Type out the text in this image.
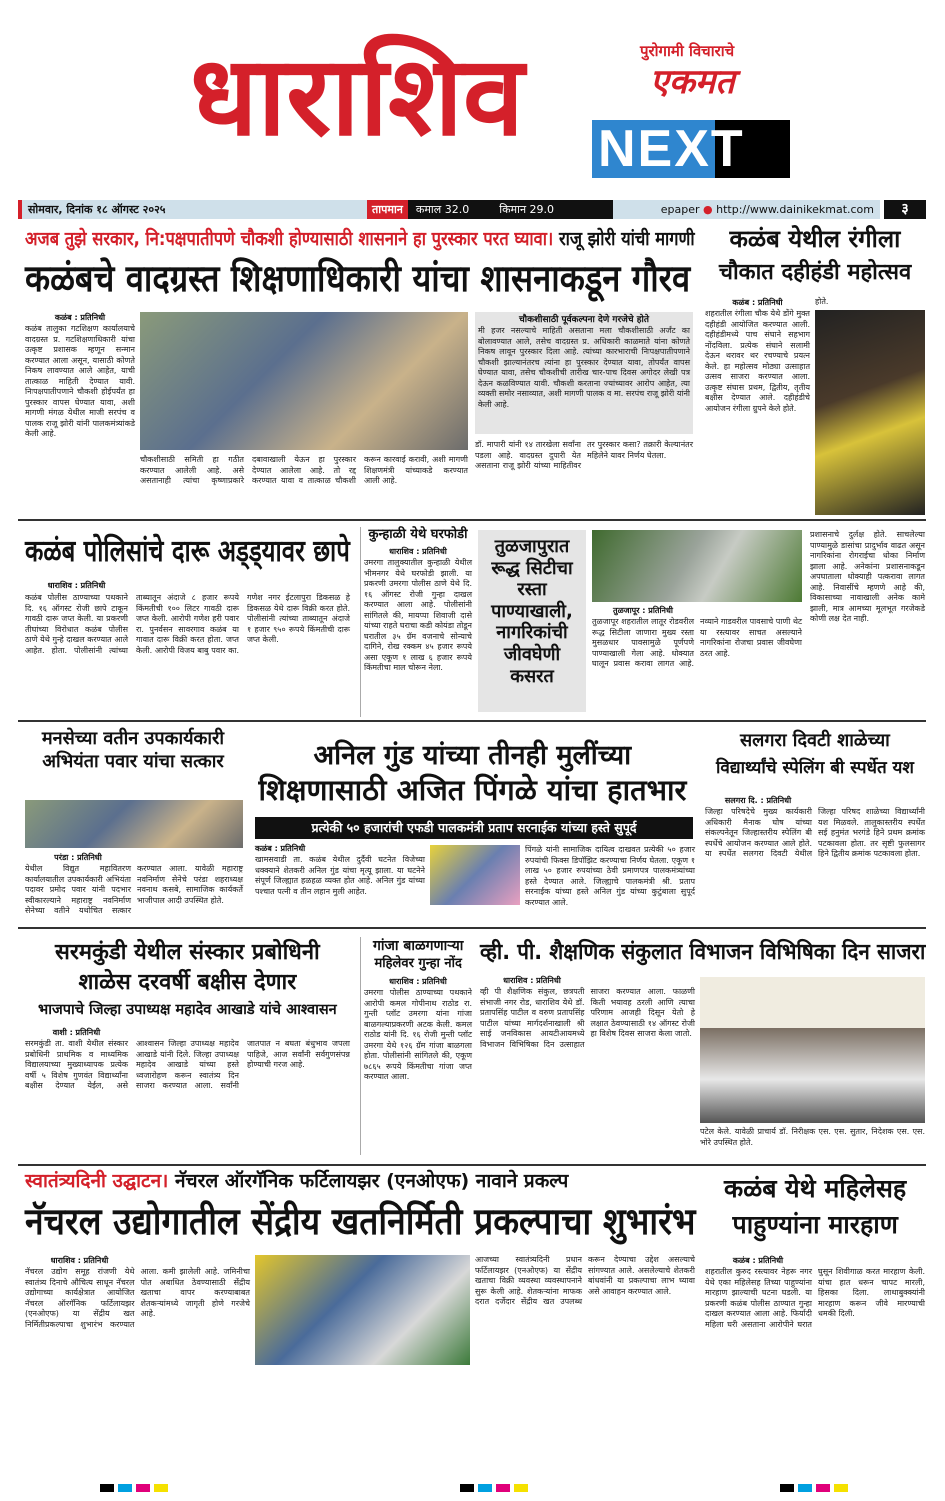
धाराशिव	पुरोगामी विचाराचे
एकमत
NEXT
सोमवार, दिनांक १८ ऑगस्ट २०२५	तापमान	कमाल 32.0	किमान 29.0	epaper ● http://www.dainikekmat.com	३
अजब तुझे सरकार, नि:पक्षपातीपणे चौकशी होण्यासाठी शासनाने हा पुरस्कार परत घ्यावा। राजू झोरी यांची मागणी
कळंबचे वादग्रस्त शिक्षणाधिकारी यांचा शासनाकडून गौरव
कळंब : प्रतिनिधी
कळंब तालुका गटशिक्षण कार्यालयाचे वादग्रस्त प्र. गटशिक्षणाधिकारी यांचा उत्कृष्ट प्रशासक म्हणून सन्मान करण्यात आला असून, यासाठी कोणते निकष लावण्यात आले आहेत, याची तात्काळ माहिती देण्यात यावी. निःपक्षपातीपणाने चौकशी होईपर्यंत हा पुरस्कार वापस घेण्यात यावा, अशी मागणी मंगळ येथील माजी सरपंच व पालक राजू झोरी यांनी पालकमंत्र्यांकडे केली आहे.
चौकशीसाठी समिती हा गठीत करण्यात आलेली आहे. असे असतानाही त्यांचा कृष्णाप्रकारे दबावाखाली येऊन हा पुरस्कार देण्यात आलेला आहे. तो रद्द करण्यात यावा व तात्काळ चौकशी करून कारवाई करावी, अशी मागणी शिक्षणमंत्री यांच्याकडे करण्यात आली आहे.
चौकशीसाठी पूर्वकल्पना देणे गरजेचे होते
मी हजर नसल्याचे माहिती असताना मला चौकशीसाठी अर्जंट का बोलावण्यात आले, तसेच वादग्रस्त प्र. अधिकारी काळमाते यांना कोणते निकष लावून पुरस्कार दिला आहे. त्यांच्या कारभाराची निःपक्षपातीपणाने चौकशी झाल्यानंतरच त्यांना हा पुरस्कार देण्यात यावा, तोपर्यंत वापस घेण्यात यावा, तसेच चौकशीची तारीख चार-पाच दिवस अगोदर लेखी पत्र देऊन कळविण्यात यावी. चौकशी करताना ज्यांच्यावर आरोप आहेत, त्या व्यक्ती समोर नसाव्यात, अशी मागणी पालक व मा. सरपंच राजू झोरी यांनी केली आहे.
डॉ. मापारी यांनी १४ तारखेला सर्वांना पडला आहे. वादग्रस्त दुपारी येत असताना राजू झोरी यांच्या माहितीवर तर पुरस्कार कसा? तक्रारी केल्यानंतर महिलेने यावर निर्णय घेतला.
कळंब येथील रंगीला
चौकात दहीहंडी महोत्सव
कळंब : प्रतिनिधी
शहरातील रंगीला चौक येथे डोंगे मुक्त दहीहंडी आयोजित करण्यात आली. दहीहंडीमध्ये पाच संघाने सहभाग नोंदविला. प्रत्येक संघाने सलामी देऊन थरावर थर रचण्याचे प्रयत्न केले. हा महोत्सव मोठ्या उत्साहात उत्सव साजरा करण्यात आला. उत्कृष्ट संघास प्रथम, द्वितीय, तृतीय बक्षीस देण्यात आले. दहीहंडीचे आयोजन रंगीला ग्रुपने केले होते.
होते.
कळंब पोलिसांचे दारू अड्ड्यावर छापे
धाराशिव : प्रतिनिधी
कळंब पोलीस ठाण्याच्या पथकाने दि. १६ ऑगस्ट रोजी छापे टाकून गावठी दारू जप्त केली. या प्रकरणी तीघांच्या विरोधात कळंब पोलीस ठाणे येथे गुन्हे दाखल करण्यात आले आहेत. होता. पोलीसांनी त्यांच्या ताब्यातून अंदाजे ८ हजार रूपये किंमतीची १०० लिटर गावठी दारू जप्त केली. आरोपी गणेश हरी पवार रा. पुनर्वसन सावरगाव कळंब या गावात दारू विक्री करत होता. जप्त केली. आरोपी विजय बाबु पवार का. गणेश नगर ईटलापुरा डिकसळ हे डिकसळ येथे दारू विक्री करत होते. पोलीसांनी त्यांच्या ताब्यातून अंदाजे १ हजार ९५० रूपये किंमतीची दारू जप्त केली.
कुन्हाळी येथे घरफोडी
धाराशिव : प्रतिनिधी
उमरगा तालुक्यातील कुन्हाळी येथील भीमनगर येथे घरफोडी झाली. या प्रकरणी उमरगा पोलीस ठाणे येथे दि. १६ ऑगस्ट रोजी गुन्हा दाखल करण्यात आला आहे. पोलीसांनी सांगितले की, मायप्पा शिवाजी दासे यांच्या राहते घराचा कडी कोयंडा तोडून घरातील ३५ ग्रॅम वजनाचे सोन्याचे दागिने, रोख रक्कम ४५ हजार रूपये असा एकूण १ लाख ६ हजार रूपये किंमतीचा माल चोरून नेला.
तुळजापुरात रूद्ध सिटीचा रस्ता पाण्याखाली, नागरिकांची जीवघेणी कसरत
तुळजापूर : प्रतिनिधी
तुळजापूर शहरातील लातूर रोडवरील रूद्ध सिटीला जाणारा मुख्य रस्ता मुसळधार पावसामुळे पूर्णपणे पाण्याखाली गेला आहे. धोक्यात घालून प्रवास करावा लागत आहे. नव्याने गाडवरील पावसाचे पाणी थेट या रस्त्यावर साचत असल्याने नागरिकांना रोजचा प्रवास जीवघेणा ठरत आहे.
प्रशासनाचे दुर्लक्ष होते. साचलेल्या पाण्यामुळे डासांचा प्रादुर्भाव वाढत असून नागरिकांना रोगराईचा धोका निर्माण झाला आहे. अनेकांना प्रशासनाकडून अपघाताला धोक्याही पत्करावा लागत आहे. निवासींचे म्हणणे आहे की, विकासाच्या नावाखाली अनेक कामे झाली, मात्र आमच्या मूलभूत गरजेकडे कोणी लक्ष देत नाही.
मनसेच्या वतीन उपकार्यकारी अभियंता पवार यांचा सत्कार
परंडा : प्रतिनिधी
येथील विद्युत महावितरण कार्यालयातील उपकार्यकारी अभियंता पदावर प्रमोद पवार यांनी पदभार स्वीकारल्याने महाराष्ट्र नवनिर्माण सेनेच्या वतीने यथोचित सत्कार करण्यात आला. यावेळी महाराष्ट्र नवनिर्माण सेनेचे परंडा शहराध्यक्ष नवनाथ कसबे, सामाजिक कार्यकर्ते भाजीपाल आदी उपस्थित होते.
अनिल गुंड यांच्या तीनही मुलींच्या
शिक्षणासाठी अजित पिंगळे यांचा हातभार
प्रत्येकी ५० हजारांची एफडी पालकमंत्री प्रताप सरनाईक यांच्या हस्ते सुपूर्द
कळंब : प्रतिनिधी
खामसवाडी ता. कळंब येथील दुर्दैवी घटनेत विजेच्या धक्क्याने शेतकरी अनिल गुंड यांचा मृत्यू झाला. या घटनेने संपूर्ण जिल्ह्यात हळहळ व्यक्त होत आहे. अनिल गुंड यांच्या पश्चात पत्नी व तीन लहान मुली आहेत.
पिंगळे यांनी सामाजिक दायित्व दाखवत प्रत्येकी ५० हजार रुपयांची फिक्स डिपॉझिट करण्याचा निर्णय घेतला. एकूण १ लाख ५० हजार रुपयांच्या ठेवी प्रमाणपत्र पालकमंत्र्यांच्या हस्ते देण्यात आले. जिल्ह्याचे पालकमंत्री श्री. प्रताप सरनाईक यांच्या हस्ते अनिल गुंड यांच्या कुटुंबाला सुपूर्द करण्यात आले.
सलगरा दिवटी शाळेच्या
विद्यार्थ्यांचे स्पेलिंग बी स्पर्धेत यश
सलगरा दि. : प्रतिनिधी
जिल्हा परिषदेचे मुख्य कार्यकारी अधिकारी मैनाक घोष यांच्या संकल्पनेतून जिल्हास्तरीय स्पेलिंग बी स्पर्धेचे आयोजन करण्यात आले होते. या स्पर्धेत सलगरा दिवटी येथील जिल्हा परिषद शाळेच्या विद्यार्थ्यांनी यश मिळवले. तालुकास्तरीय स्पर्धेत सई हनुमंत भरगंडे हिने प्रथम क्रमांक पटकावला होता. तर सृष्टी फुलसागर हिने द्वितीय क्रमांक पटकावला होता.
सरमकुंडी येथील संस्कार प्रबोधिनी
शाळेस दरवर्षी बक्षीस देणार
भाजपाचे जिल्हा उपाध्यक्ष महादेव आखाडे यांचे आश्वासन
वाशी : प्रतिनिधी
सरमकुंडी ता. वाशी येथील संस्कार प्रबोधिनी प्राथमिक व माध्यमिक विद्यालयाच्या मुख्याध्यापक प्रत्येक वर्षी ५ विशेष गुणवंत विद्यार्थ्यांना बक्षीस देण्यात येईल, असे आश्वासन जिल्हा उपाध्यक्ष महादेव आखाडे यांनी दिले. जिल्हा उपाध्यक्ष महादेव आखाडे यांच्या हस्ते ध्वजारोहण करून स्वातंत्र्य दिन साजरा करण्यात आला. सर्वांनी जातपात न बघता बंधुभाव जपला पाहिजे, आज सर्वांनी सर्वगुणसंपन्न होण्याची गरज आहे.
गांजा बाळगणाऱ्या
महिलेवर गुन्हा नोंद
धाराशिव : प्रतिनिधी
उमरगा पोलीस ठाण्याच्या पथकाने आरोपी कमल गोपीनाथ राठोड रा. गुन्ती प्लॉट उमरगा यांना गांजा बाळगल्याप्रकरणी अटक केली. कमल राठोड यांनी दि. १६ रोजी मुन्ती प्लॉट उमरगा येथे १२६ ग्रॅम गांजा बाळगला होता. पोलीसांनी सांगितले की, एकूण ७८६५ रूपये किंमतीचा गांजा जप्त करण्यात आला.
व्ही. पी. शैक्षणिक संकुलात विभाजन विभिषिका दिन साजरा
धाराशिव : प्रतिनिधी
व्ही पी शैक्षणिक संकुल, छत्रपती संभाजी नगर रोड, धाराशिव येथे डॉ. प्रतापसिंह पाटील व वरुण प्रतापसिंह पाटील यांच्या मार्गदर्शनाखाली श्री साई जनविकास आयटीआयमध्ये विभाजन विभिषिका दिन उत्साहात साजरा करण्यात आला. फाळणी किती भयावह ठरली आणि त्याचा परिणाम आजही दिसून येतो हे लक्षात ठेवण्यासाठी १४ ऑगस्ट रोजी हा विशेष दिवस साजरा केला जातो.
पटेल केले. यावेळी प्राचार्य डॉ. निरीक्षक एस. एस. सुतार, निदेशक एस. एस. भोरे उपस्थित होते.
स्वातंत्र्यदिनी उद्घाटन। नॅचरल ऑरगॅनिक फर्टिलायझर (एनओएफ) नावाने प्रकल्प
नॅचरल उद्योगातील सेंद्रीय खतनिर्मिती प्रकल्पाचा शुभारंभ
धाराशिव : प्रतिनिधी
नॅचरल उद्योग समूह रांजणी येथे स्वातंत्र्य दिनाचे औचित्य साधून नॅचरल उद्योगाच्या कार्यक्षेत्रात आयोजित नॅचरल ऑरगॅनिक फर्टिलायझर (एनओएफ) या सेंद्रीय खत निर्मितीप्रकल्पाचा शुभारंभ करण्यात आला. कमी झालेली आहे. जमिनीचा पोत अबाधित ठेवण्यासाठी सेंद्रीय खताचा वापर करण्याबाबत शेतकऱ्यांमध्ये जागृती होणे गरजेचे आहे.
आजच्या स्वातंत्र्यदिनी प्रधान फर्टिलायझर (एनओएफ) या सेंद्रीय खताचा विक्री व्यवस्था व्यवस्थापनाने सुरू केली आहे. शेतकऱ्यांना माफक दरात दर्जेदार सेंद्रीय खत उपलब्ध करून देण्याचा उद्देश असल्याचे सांगण्यात आले. असलेल्याचे शेतकरी बांधवांनी या प्रकल्पाचा लाभ घ्यावा असे आवाहन करण्यात आले.
कळंब येथे महिलेसह
पाहुण्यांना मारहाण
कळंब : प्रतिनिधी
शहरातील कुरुद रस्त्यावर नेहरू नगर येथे एका महिलेसह तिच्या पाहुण्यांना मारहाण झाल्याची घटना घडली. या प्रकरणी कळंब पोलीस ठाण्यात गुन्हा दाखल करण्यात आला आहे. फिर्यादी महिला घरी असताना आरोपीने घरात घुसून शिवीगाळ करत मारहाण केली. यांचा हात धरून चापट मारली, हिसका दिला. लाथाबुक्क्यांनी मारहाण करून जीवे मारण्याची धमकी दिली.
